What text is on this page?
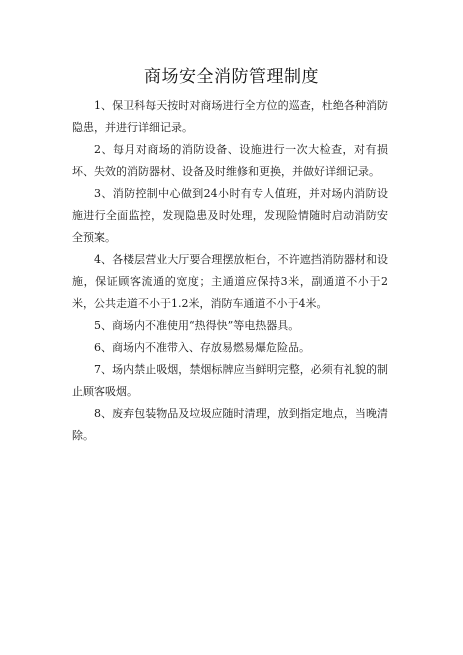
商场安全消防管理制度

1、保卫科每天按时对商场进行全方位的巡查，杜绝各种消防隐患，并进行详细记录。

2、每月对商场的消防设备、设施进行一次大检查，对有损坏、失效的消防器材、设备及时维修和更换，并做好详细记录。

3、消防控制中心做到24小时有专人值班，并对场内消防设施进行全面监控，发现隐患及时处理，发现险情随时启动消防安全预案。

4、各楼层营业大厅要合理摆放柜台，不许遮挡消防器材和设施，保证顾客流通的宽度；主通道应保持3米，副通道不小于2米，公共走道不小于1.2米，消防车通道不小于4米。

5、商场内不准使用“热得快”等电热器具。

6、商场内不准带入、存放易燃易爆危险品。

7、场内禁止吸烟，禁烟标牌应当鲜明完整，必须有礼貌的制止顾客吸烟。

8、废弃包装物品及垃圾应随时清理，放到指定地点，当晚清除。
